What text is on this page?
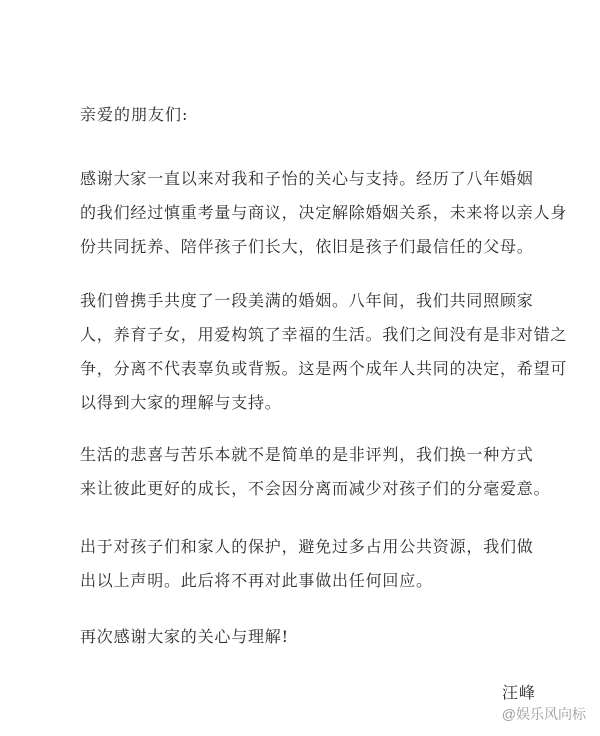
亲爱的朋友们:
感谢大家一直以来对我和子怡的关心与支持。经历了八年婚姻
的我们经过慎重考量与商议，决定解除婚姻关系，未来将以亲人身
份共同抚养、陪伴孩子们长大，依旧是孩子们最信任的父母。
我们曾携手共度了一段美满的婚姻。八年间，我们共同照顾家
人，养育子女，用爱构筑了幸福的生活。我们之间没有是非对错之
争，分离不代表辜负或背叛。这是两个成年人共同的决定，希望可
以得到大家的理解与支持。
生活的悲喜与苦乐本就不是简单的是非评判，我们换一种方式
来让彼此更好的成长，不会因分离而减少对孩子们的分毫爱意。
出于对孩子们和家人的保护，避免过多占用公共资源，我们做
出以上声明。此后将不再对此事做出任何回应。
再次感谢大家的关心与理解!
汪峰
@娱乐风向标
